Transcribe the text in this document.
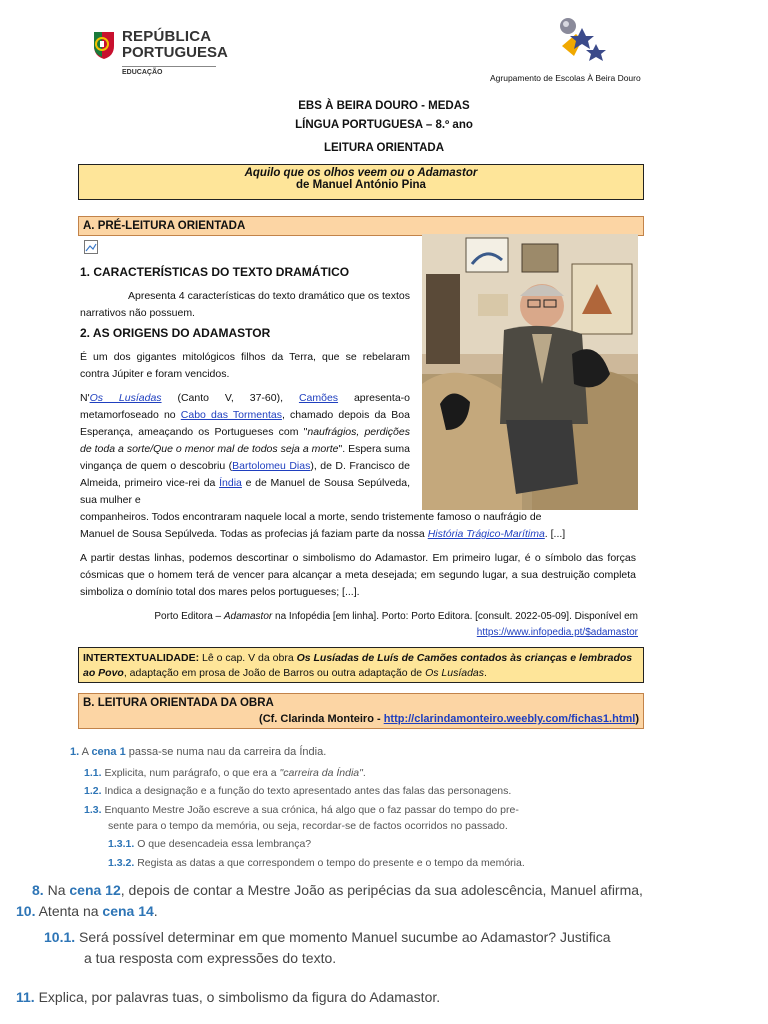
REPÚBLICA
PORTUGUESA
EDUCAÇÃO
Agrupamento de Escolas À Beira Douro
EBS À BEIRA DOURO - MEDAS
LÍNGUA PORTUGUESA – 8.º ano
LEITURA ORIENTADA
Aquilo que os olhos veem ou o Adamastor
de Manuel António Pina
A. PRÉ-LEITURA ORIENTADA
1. CARACTERÍSTICAS DO TEXTO DRAMÁTICO
Apresenta 4 características do texto dramático que os textos narrativos não possuem.
2. AS ORIGENS DO ADAMASTOR
É um dos gigantes mitológicos filhos da Terra, que se rebelaram contra Júpiter e foram vencidos.
N'Os Lusíadas (Canto V, 37-60), Camões apresenta-o metamorfoseado no Cabo das Tormentas, chamado depois da Boa Esperança, ameaçando os Portugueses com "naufrágios, perdições de toda a sorte/Que o menor mal de todos seja a morte". Espera suma vingança de quem o descobriu (Bartolomeu Dias), de D. Francisco de Almeida, primeiro vice-rei da Índia e de Manuel de Sousa Sepúlveda, sua mulher e
companheiros. Todos encontraram naquele local a morte, sendo tristemente famoso o naufrágio de
Manuel de Sousa Sepúlveda. Todas as profecias já faziam parte da nossa História Trágico-Marítima. [...]
A partir destas linhas, podemos descortinar o simbolismo do Adamastor. Em primeiro lugar, é o símbolo das forças cósmicas que o homem terá de vencer para alcançar a meta desejada; em segundo lugar, a sua destruição completa simboliza o domínio total dos mares pelos portugueses; [...].
Porto Editora – Adamastor na Infopédia [em linha]. Porto: Porto Editora. [consult. 2022-05-09]. Disponível em
https://www.infopedia.pt/$adamastor
INTERTEXTUALIDADE: Lê o cap. V da obra Os Lusíadas de Luís de Camões contados às crianças e lembrados ao Povo, adaptação em prosa de João de Barros ou outra adaptação de Os Lusíadas.
B. LEITURA ORIENTADA DA OBRA
(Cf. Clarinda Monteiro - http://clarindamonteiro.weebly.com/fichas1.html)
1. A cena 1 passa-se numa nau da carreira da Índia.
1.1. Explicita, num parágrafo, o que era a "carreira da Índia".
1.2. Indica a designação e a função do texto apresentado antes das falas das personagens.
1.3. Enquanto Mestre João escreve a sua crónica, há algo que o faz passar do tempo do pre-
sente para o tempo da memória, ou seja, recordar-se de factos ocorridos no passado.
1.3.1. O que desencadeia essa lembrança?
1.3.2. Regista as datas a que correspondem o tempo do presente e o tempo da memória.
8. Na cena 12, depois de contar a Mestre João as peripécias da sua adolescência, Manuel afirma,
10. Atenta na cena 14.
10.1. Será possível determinar em que momento Manuel sucumbe ao Adamastor? Justifica
a tua resposta com expressões do texto.
11. Explica, por palavras tuas, o simbolismo da figura do Adamastor.
